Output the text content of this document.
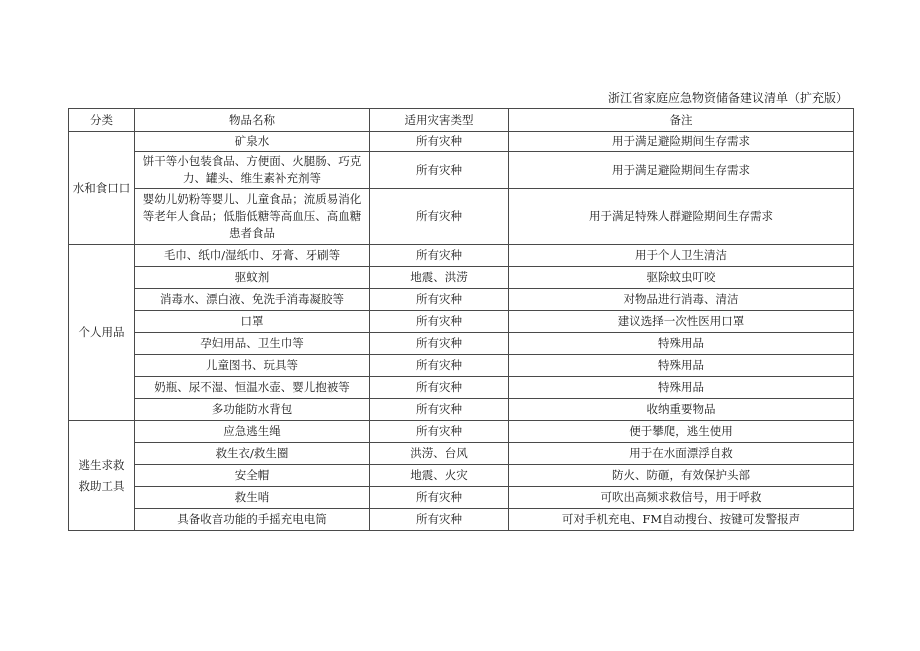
浙江省家庭应急物资储备建议清单（扩充版）
分类	物品名称	适用灾害类型	备注
水和食口口	矿泉水	所有灾种	用于满足避险期间生存需求
	饼干等小包装食品、方便面、火腿肠、巧克力、罐头、维生素补充剂等	所有灾种	用于满足避险期间生存需求
	婴幼儿奶粉等婴儿、儿童食品；流质易消化等老年人食品；低脂低糖等高血压、高血糖患者食品	所有灾种	用于满足特殊人群避险期间生存需求
个人用品	毛巾、纸巾/湿纸巾、牙膏、牙刷等	所有灾种	用于个人卫生清洁
	驱蚊剂	地震、洪涝	驱除蚊虫叮咬
	消毒水、漂白液、免洗手消毒凝胶等	所有灾种	对物品进行消毒、清洁
	口罩	所有灾种	建议选择一次性医用口罩
	孕妇用品、卫生巾等	所有灾种	特殊用品
	儿童图书、玩具等	所有灾种	特殊用品
	奶瓶、尿不湿、恒温水壶、婴儿抱被等	所有灾种	特殊用品
	多功能防水背包	所有灾种	收纳重要物品
逃生求救救助工具	应急逃生绳	所有灾种	便于攀爬，逃生使用
	救生衣/救生圈	洪涝、台风	用于在水面漂浮自救
	安全帽	地震、火灾	防火、防砸，有效保护头部
	救生哨	所有灾种	可吹出高频求救信号，用于呼救
	具备收音功能的手摇充电电筒	所有灾种	可对手机充电、FM自动搜台、按键可发警报声
